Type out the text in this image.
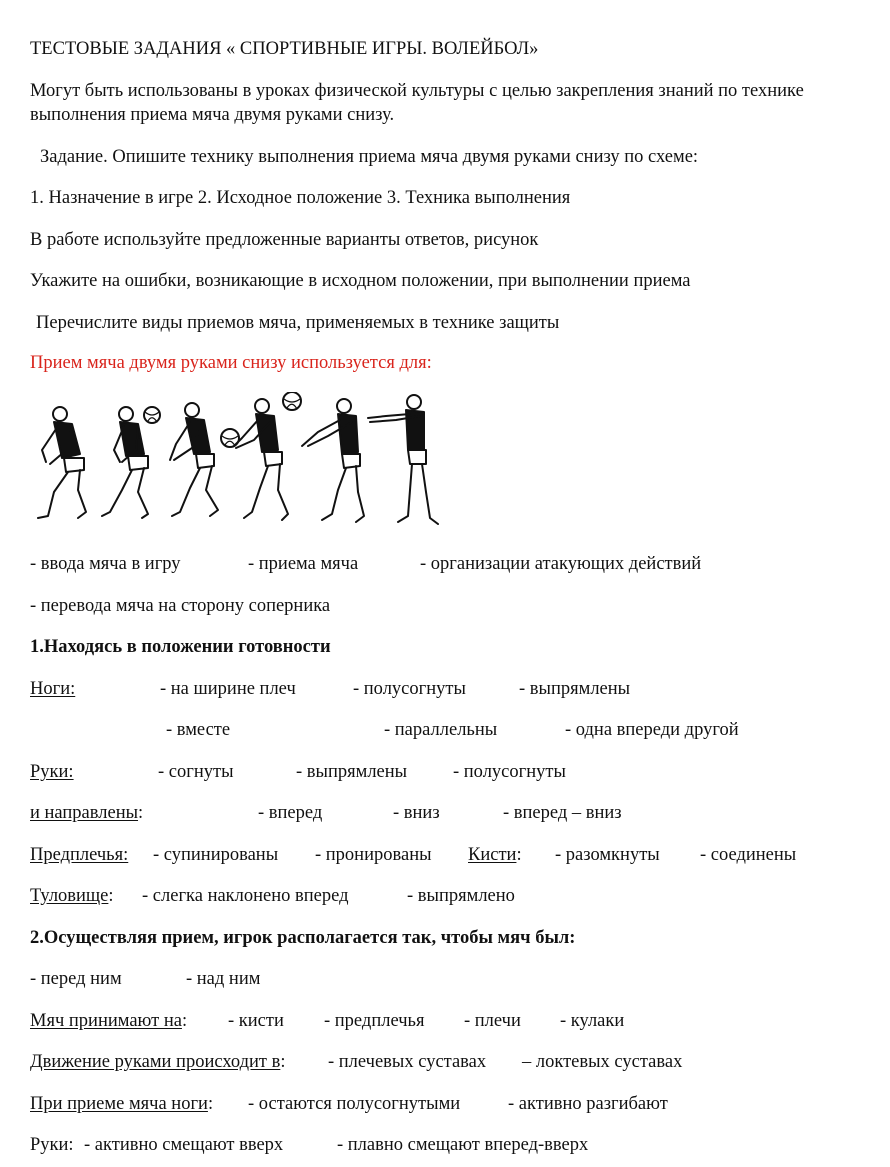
ТЕСТОВЫЕ ЗАДАНИЯ « СПОРТИВНЫЕ ИГРЫ. ВОЛЕЙБОЛ»
Могут быть использованы в уроках физической культуры с целью закрепления знаний по технике выполнения приема мяча двумя руками снизу.
Задание. Опишите технику выполнения приема мяча двумя руками снизу по схеме:
1. Назначение в игре 2. Исходное положение 3. Техника выполнения
В работе используйте предложенные варианты ответов, рисунок
Укажите на ошибки, возникающие в исходном положении, при выполнении приема
Перечислите виды приемов мяча, применяемых в технике защиты
Прием мяча двумя руками снизу используется для:
- ввода мяча в игру	- приема мяча	- организации атакующих действий
- перевода мяча на сторону соперника
1.Находясь в положении готовности
Ноги:	- на ширине плеч	- полусогнуты	- выпрямлены
- вместе	- параллельны	- одна впереди другой
Руки:	- согнуты	- выпрямлены - полусогнуты
и направлены:	- вперед	- вниз	- вперед – вниз
Предплечья: - супинированы - пронированы Кисти: - разомкнуты - соединены
Туловище: - слегка наклонено вперед	- выпрямлено
2.Осуществляя прием, игрок располагается так, чтобы мяч был:
- перед ним	- над ним
Мяч принимают на: - кисти - предплечья - плечи - кулаки
Движение руками происходит в: - плечевых суставах – локтевых суставах
При приеме мяча ноги: - остаются полусогнутыми	- активно разгибают
Руки: - активно смещают вверх	- плавно смещают вперед-вверх
